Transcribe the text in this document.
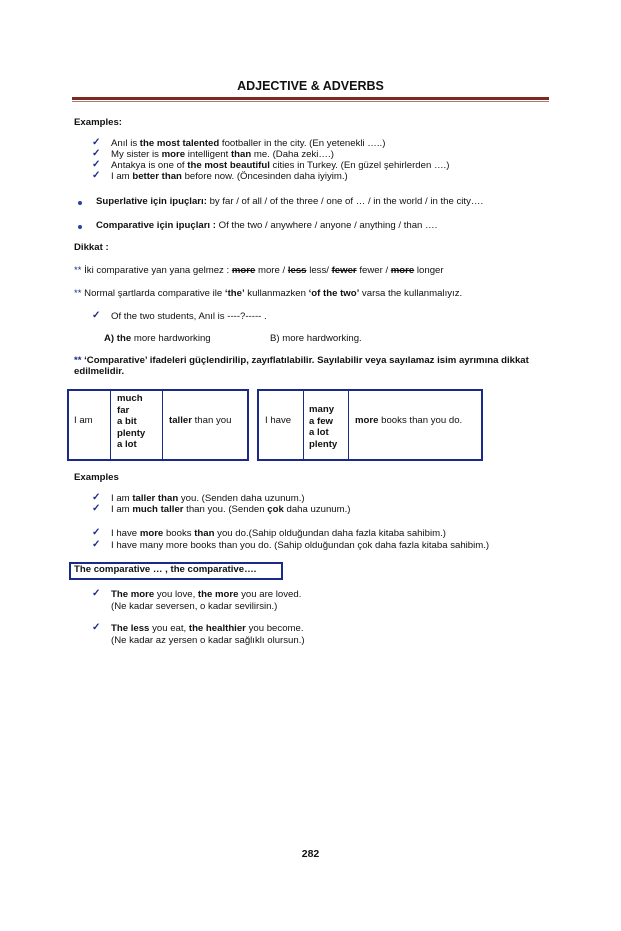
ADJECTIVE & ADVERBS
Examples:
✓ Anıl is the most talented footballer in the city. (En yetenekli …..)
✓ My sister is more intelligent than me. (Daha zeki….)
✓ Antakya is one of the most beautiful cities in Turkey. (En güzel şehirlerden ….)
✓ I am better than before now. (Öncesinden daha iyiyim.)
Superlative için ipuçları: by far / of all / of the three / one of … / in the world / in the city….
Comparative için ipuçları : Of the two / anywhere / anyone / anything / than ….
Dikkat :
** İki comparative yan yana gelmez : more more / less less/ fewer fewer / more longer
** Normal şartlarda comparative ile ‘the’ kullanmazken ‘of the two’ varsa the kullanmalıyız.
✓ Of the two students, Anıl is ----?----- .
A) the more hardworking	B) more hardworking.
** ‘Comparative’ ifadeleri güçlendirilip, zayıflatılabilir. Sayılabilir veya sayılamaz isim ayrımına dikkat
edilmelidir.
I am
much
far
a bit
plenty
a lot
taller than you	I have
many
a few
a lot
plenty
more books than you do.
Examples
✓ I am taller than you. (Senden daha uzunum.)
✓ I am much taller than you. (Senden çok daha uzunum.)
✓ I have more books than you do.(Sahip olduğundan daha fazla kitaba sahibim.)
✓ I have many more books than you do. (Sahip olduğundan çok daha fazla kitaba sahibim.)
The comparative … , the comparative….
✓ The more you love, the more you are loved.
(Ne kadar seversen, o kadar sevilirsin.)
✓ The less you eat, the healthier you become.
(Ne kadar az yersen o kadar sağlıklı olursun.)
282
